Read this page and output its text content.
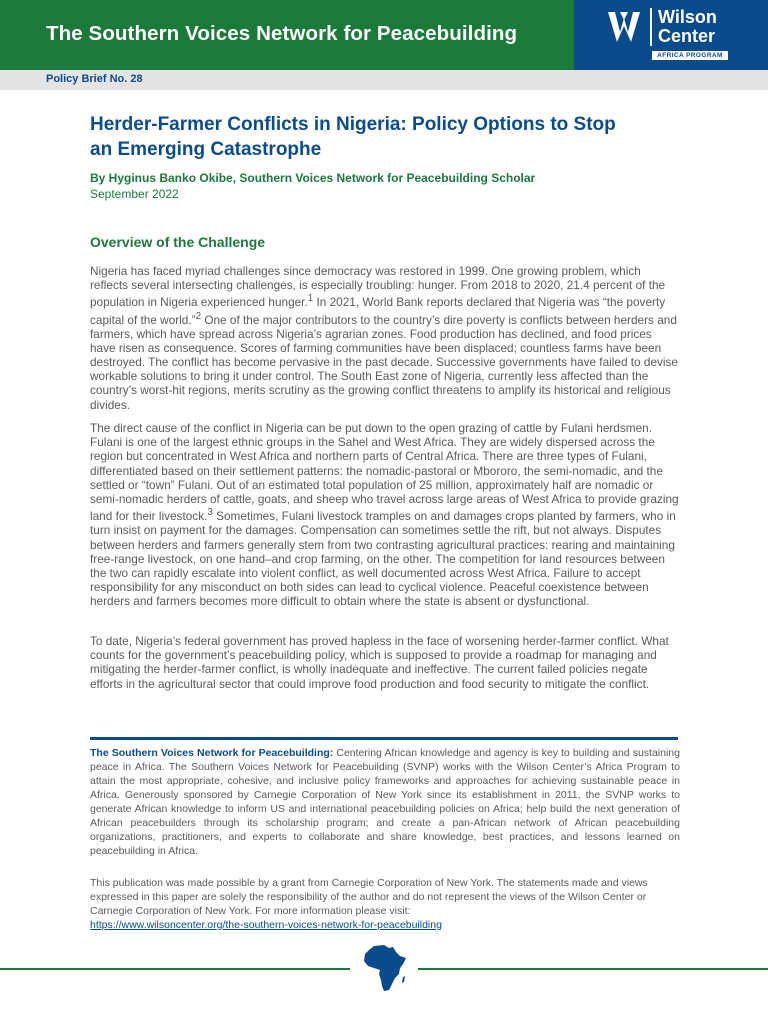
The Southern Voices Network for Peacebuilding
Wilson
Center
AFRICA PROGRAM
Policy Brief No. 28
Herder-Farmer Conflicts in Nigeria: Policy Options to Stop
an Emerging Catastrophe
By Hyginus Banko Okibe, Southern Voices Network for Peacebuilding Scholar
September 2022
Overview of the Challenge

Nigeria has faced myriad challenges since democracy was restored in 1999. One growing problem, which reflects several intersecting challenges, is especially troubling: hunger. From 2018 to 2020, 21.4 percent of the population in Nigeria experienced hunger.$^1$ In 2021, World Bank reports declared that Nigeria was “the poverty capital of the world.”$^2$ One of the major contributors to the country’s dire poverty is conflicts between herders and farmers, which have spread across Nigeria’s agrarian zones. Food production has declined, and food prices have risen as consequence. Scores of farming communities have been displaced; countless farms have been destroyed. The conflict has become pervasive in the past decade. Successive governments have failed to devise workable solutions to bring it under control. The South East zone of Nigeria, currently less affected than the country’s worst-hit regions, merits scrutiny as the growing conflict threatens to amplify its historical and religious divides.

The direct cause of the conflict in Nigeria can be put down to the open grazing of cattle by Fulani herdsmen. Fulani is one of the largest ethnic groups in the Sahel and West Africa. They are widely dispersed across the region but concentrated in West Africa and northern parts of Central Africa. There are three types of Fulani, differentiated based on their settlement patterns: the nomadic-pastoral or Mbororo, the semi-nomadic, and the settled or “town” Fulani. Out of an estimated total population of 25 million, approximately half are nomadic or semi-nomadic herders of cattle, goats, and sheep who travel across large areas of West Africa to provide grazing land for their livestock.$^3$ Sometimes, Fulani livestock tramples on and damages crops planted by farmers, who in turn insist on payment for the damages. Compensation can sometimes settle the rift, but not always. Disputes between herders and farmers generally stem from two contrasting agricultural practices: rearing and maintaining free-range livestock, on one hand–and crop farming, on the other. The competition for land resources between the two can rapidly escalate into violent conflict, as well documented across West Africa. Failure to accept responsibility for any misconduct on both sides can lead to cyclical violence. Peaceful coexistence between herders and farmers becomes more difficult to obtain where the state is absent or dysfunctional.

To date, Nigeria’s federal government has proved hapless in the face of worsening herder-farmer conflict. What counts for the government’s peacebuilding policy, which is supposed to provide a roadmap for managing and mitigating the herder-farmer conflict, is wholly inadequate and ineffective. The current failed policies negate efforts in the agricultural sector that could improve food production and food security to mitigate the conflict.

The Southern Voices Network for Peacebuilding: Centering African knowledge and agency is key to building and sustaining peace in Africa. The Southern Voices Network for Peacebuilding (SVNP) works with the Wilson Center’s Africa Program to attain the most appropriate, cohesive, and inclusive policy frameworks and approaches for achieving sustainable peace in Africa. Generously sponsored by Carnegie Corporation of New York since its establishment in 2011, the SVNP works to generate African knowledge to inform US and international peacebuilding policies on Africa; help build the next generation of African peacebuilders through its scholarship program; and create a pan-African network of African peacebuilding organizations, practitioners, and experts to collaborate and share knowledge, best practices, and lessons learned on peacebuilding in Africa.

This publication was made possible by a grant from Carnegie Corporation of New York. The statements made and views expressed in this paper are solely the responsibility of the author and do not represent the views of the Wilson Center or Carnegie Corporation of New York. For more information please visit:
https://www.wilsoncenter.org/the-southern-voices-network-for-peacebuilding
